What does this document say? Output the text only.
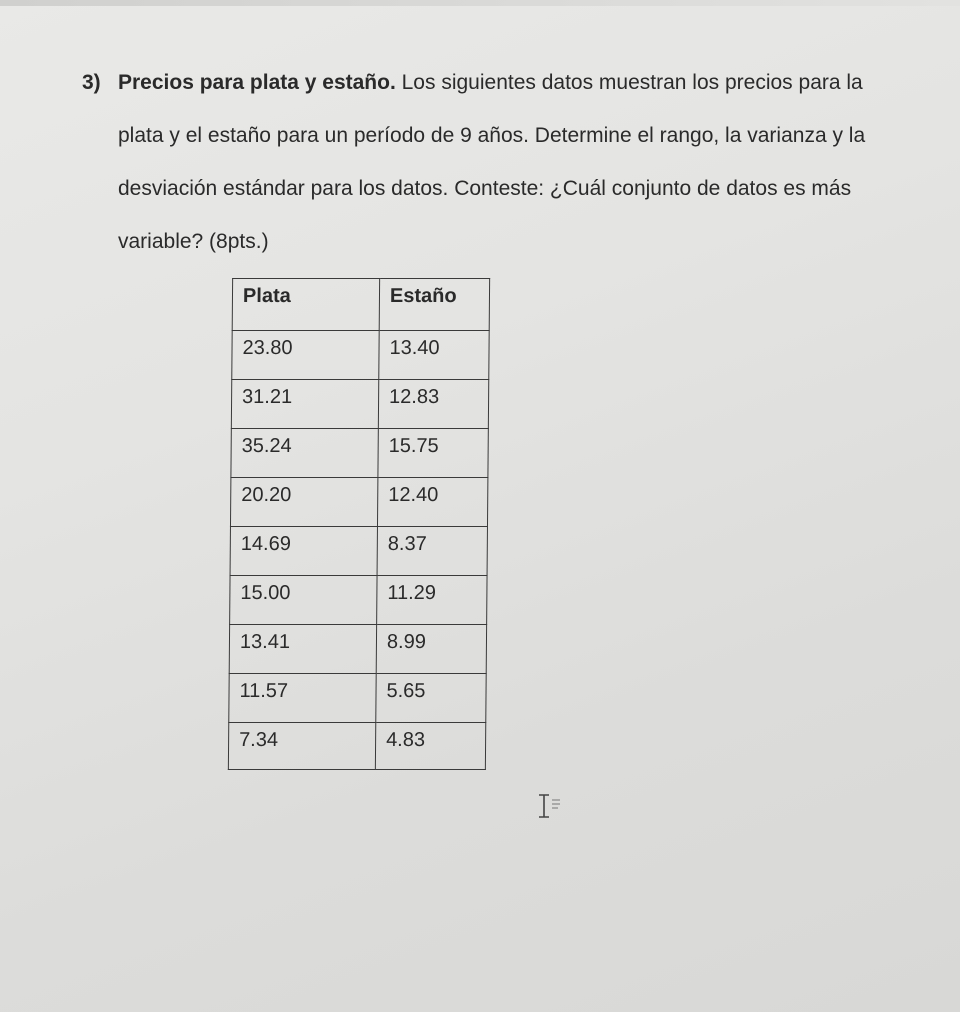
3) Precios para plata y estaño. Los siguientes datos muestran los precios para la plata y el estaño para un período de 9 años. Determine el rango, la varianza y la desviación estándar para los datos. Conteste: ¿Cuál conjunto de datos es más variable? (8pts.)
Plata	Estaño
23.80	13.40
31.21	12.83
35.24	15.75
20.20	12.40
14.69	8.37
15.00	11.29
13.41	8.99
11.57	5.65
7.34	4.83
